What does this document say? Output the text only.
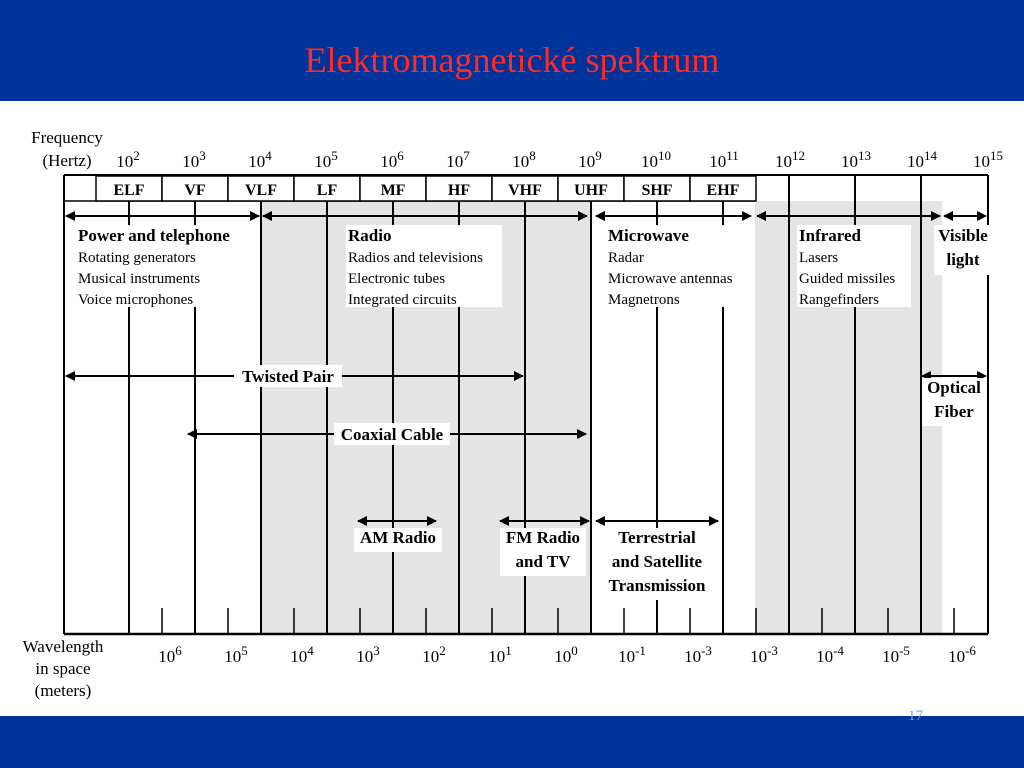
Elektromagnetické spektrum
ELF VF VLF LF	MF	HF VHF UHF SHF EHF
Power and telephone
Rotating generators
Musical instruments
Voice microphones
Radio
Radios and televisions
Electronic tubes
Integrated circuits
Microwave
Radar
Microwave antennas
Magnetrons
Infrared
Lasers
Guided missiles
Rangefinders
Visible
light
Twisted Pair
Coaxial Cable
AM Radio	FM Radio
and TV
Terrestrial
and Satellite
Transmission
Optical
Fiber
$10^2$	$10^3$	$10^4$	$10^5$	$10^6$	$10^7$	$10^8$	$10^9$ $10^{10}$ $10^{11}$ $10^{12}$ $10^{13}$ $10^{14}$ $10^{15}$
$10^6$	$10^5$	$10^4$	$10^3$	$10^2$	$10^1$	$10^0$ $10^{-1}$ $10^{-3}$ $10^{-3}$ $10^{-4}$ $10^{-5}$ $10^{-6}$
Frequency
(Hertz)
Wavelength
in space
(meters)
17
